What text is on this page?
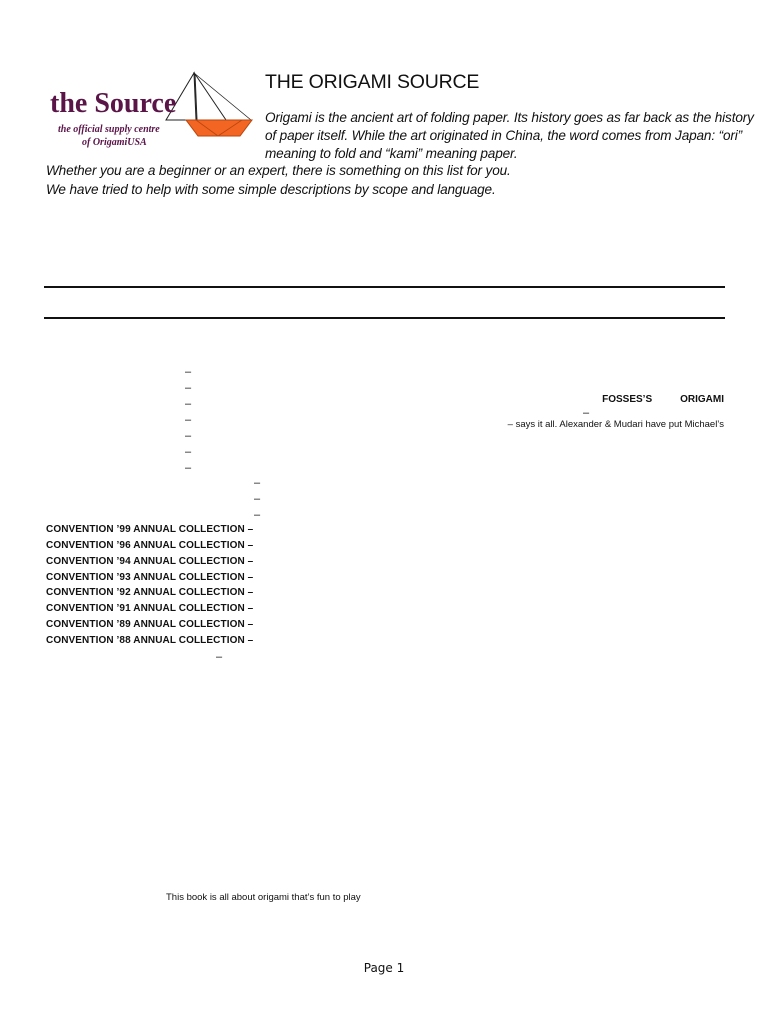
the Source
the official supply centre
of OrigamiUSA
THE ORIGAMI SOURCE
Origami is the ancient art of folding paper. Its history goes as far back as the history
of paper itself. While the art originated in China, the word comes from Japan: “ori”
meaning to fold and “kami” meaning paper.
Whether you are a beginner or an expert, there is something on this list for you.
We have tried to help with some simple descriptions by scope and language.
–
–
–
–
–
–
–
–
–
–
–
–
FOSSES’S	ORIGAMI
– says it all. Alexander & Mudari have put Michael’s
CONVENTION ’99 ANNUAL COLLECTION –
CONVENTION ’96 ANNUAL COLLECTION –
CONVENTION ’94 ANNUAL COLLECTION –
CONVENTION ’93 ANNUAL COLLECTION –
CONVENTION ’92 ANNUAL COLLECTION –
CONVENTION ’91 ANNUAL COLLECTION –
CONVENTION ’89 ANNUAL COLLECTION –
CONVENTION ’88 ANNUAL COLLECTION –
This book is all about origami that’s fun to play
Page 1
